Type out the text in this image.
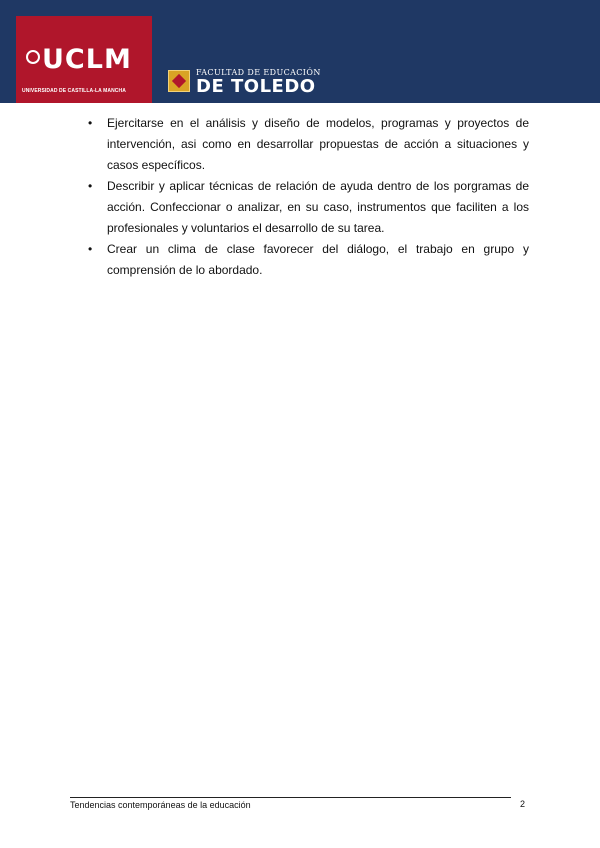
UCLM
UNIVERSIDAD DE CASTILLA-LA MANCHA
FACULTAD DE EDUCACIÓN
DE TOLEDO
• Ejercitarse en el análisis y diseño de modelos, programas y proyectos de intervención, asi como en desarrollar propuestas de acción a situaciones y casos específicos.
• Describir y aplicar técnicas de relación de ayuda dentro de los porgramas de acción. Confeccionar o analizar, en su caso, instrumentos que faciliten a los profesionales y voluntarios el desarrollo de su tarea.
• Crear un clima de clase favorecer del diálogo, el trabajo en grupo y comprensión de lo abordado.
Tendencias contemporáneas de la educación	2
